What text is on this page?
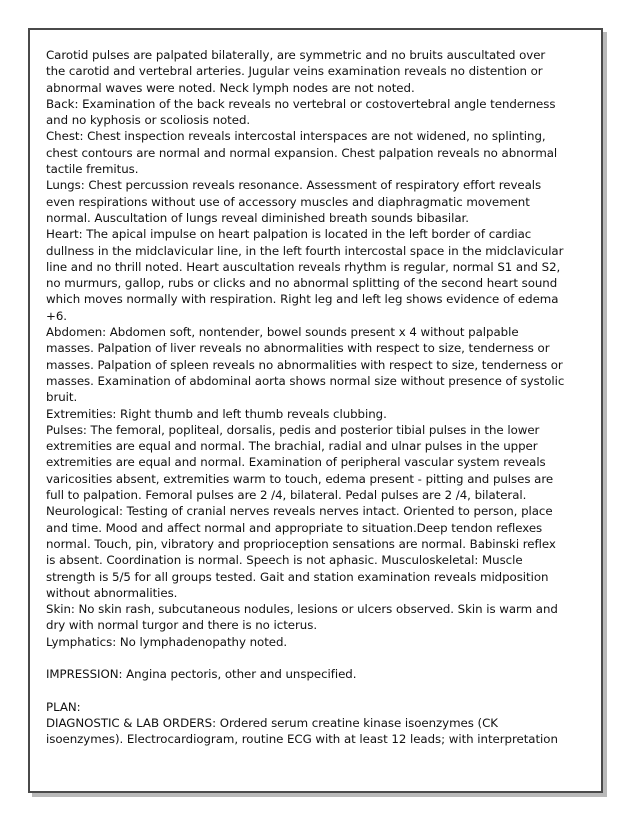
Carotid pulses are palpated bilaterally, are symmetric and no bruits auscultated over the carotid and vertebral arteries. Jugular veins examination reveals no distention or abnormal waves were noted. Neck lymph nodes are not noted.

Back: Examination of the back reveals no vertebral or costovertebral angle tenderness and no kyphosis or scoliosis noted.

Chest: Chest inspection reveals intercostal interspaces are not widened, no splinting, chest contours are normal and normal expansion. Chest palpation reveals no abnormal tactile fremitus.

Lungs: Chest percussion reveals resonance. Assessment of respiratory effort reveals even respirations without use of accessory muscles and diaphragmatic movement normal. Auscultation of lungs reveal diminished breath sounds bibasilar.

Heart: The apical impulse on heart palpation is located in the left border of cardiac dullness in the midclavicular line, in the left fourth intercostal space in the midclavicular line and no thrill noted. Heart auscultation reveals rhythm is regular, normal S1 and S2, no murmurs, gallop, rubs or clicks and no abnormal splitting of the second heart sound which moves normally with respiration. Right leg and left leg shows evidence of edema +6.

Abdomen: Abdomen soft, nontender, bowel sounds present x 4 without palpable masses. Palpation of liver reveals no abnormalities with respect to size, tenderness or masses. Palpation of spleen reveals no abnormalities with respect to size, tenderness or masses. Examination of abdominal aorta shows normal size without presence of systolic bruit.

Extremities: Right thumb and left thumb reveals clubbing.

Pulses: The femoral, popliteal, dorsalis, pedis and posterior tibial pulses in the lower extremities are equal and normal. The brachial, radial and ulnar pulses in the upper extremities are equal and normal. Examination of peripheral vascular system reveals varicosities absent, extremities warm to touch, edema present - pitting and pulses are full to palpation. Femoral pulses are 2 /4, bilateral. Pedal pulses are 2 /4, bilateral.

Neurological: Testing of cranial nerves reveals nerves intact. Oriented to person, place and time. Mood and affect normal and appropriate to situation.Deep tendon reflexes normal. Touch, pin, vibratory and proprioception sensations are normal. Babinski reflex is absent. Coordination is normal. Speech is not aphasic. Musculoskeletal: Muscle strength is 5/5 for all groups tested. Gait and station examination reveals midposition without abnormalities.

Skin: No skin rash, subcutaneous nodules, lesions or ulcers observed. Skin is warm and dry with normal turgor and there is no icterus.

Lymphatics: No lymphadenopathy noted.

IMPRESSION: Angina pectoris, other and unspecified.

PLAN:

DIAGNOSTIC & LAB ORDERS: Ordered serum creatine kinase isoenzymes (CK isoenzymes). Electrocardiogram, routine ECG with at least 12 leads; with interpretation
